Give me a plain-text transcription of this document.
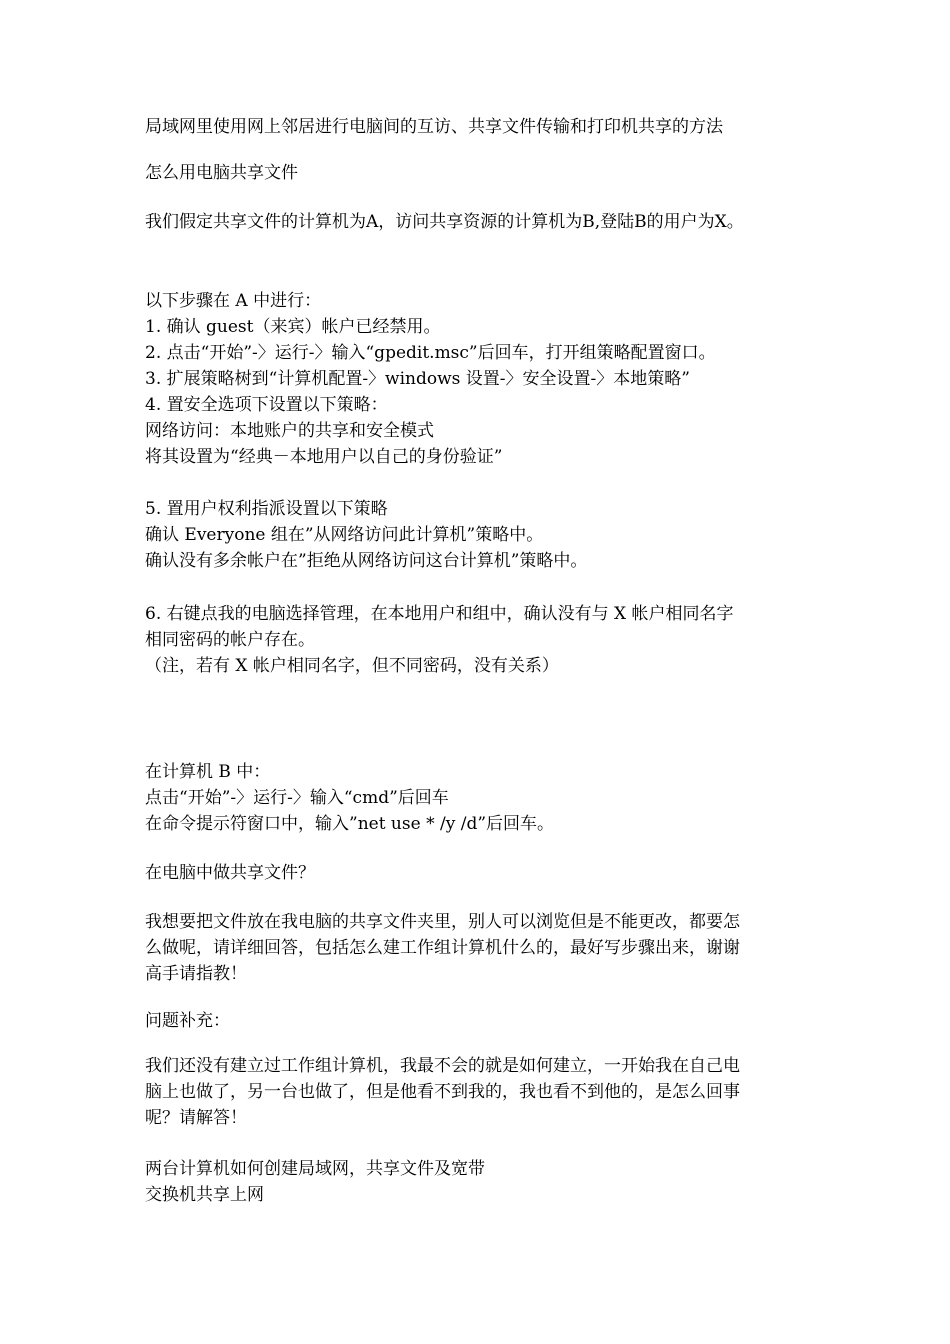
局域网里使用网上邻居进行电脑间的互访、共享文件传输和打印机共享的方法

怎么用电脑共享文件

我们假定共享文件的计算机为A，访问共享资源的计算机为B,登陆B的用户为X。

以下步骤在 A 中进行：

1. 确认 guest（来宾）帐户已经禁用。

2. 点击“开始”-〉运行-〉输入“gpedit.msc”后回车，打开组策略配置窗口。

3. 扩展策略树到“计算机配置-〉windows 设置-〉安全设置-〉本地策略”

4. 置安全选项下设置以下策略：

网络访问：本地账户的共享和安全模式

将其设置为“经典－本地用户以自己的身份验证”

5. 置用户权利指派设置以下策略

确认 Everyone 组在”从网络访问此计算机”策略中。

确认没有多余帐户在”拒绝从网络访问这台计算机”策略中。

6. 右键点我的电脑选择管理，在本地用户和组中，确认没有与 X 帐户相同名字

相同密码的帐户存在。

（注，若有 X 帐户相同名字，但不同密码，没有关系）

在计算机 B 中：

点击“开始”-〉运行-〉输入“cmd”后回车

在命令提示符窗口中，输入”net use * /y /d”后回车。

在电脑中做共享文件？

我想要把文件放在我电脑的共享文件夹里，别人可以浏览但是不能更改，都要怎

么做呢，请详细回答，包括怎么建工作组计算机什么的，最好写步骤出来，谢谢

高手请指教！

问题补充：

我们还没有建立过工作组计算机，我最不会的就是如何建立，一开始我在自己电

脑上也做了，另一台也做了，但是他看不到我的，我也看不到他的，是怎么回事

呢？请解答！

两台计算机如何创建局域网，共享文件及宽带

交换机共享上网
